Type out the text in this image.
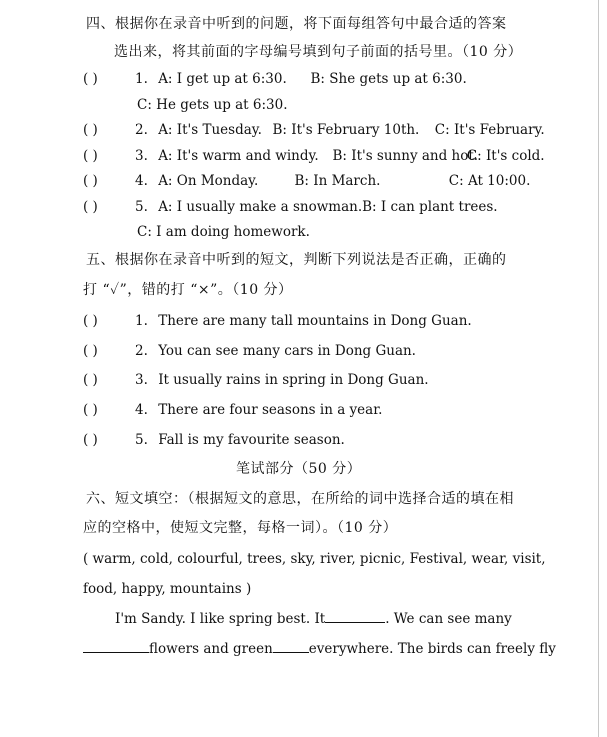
四、根据你在录音中听到的问题，将下面每组答句中最合适的答案
选出来，将其前面的字母编号填到句子前面的括号里。（10 分）
( )	1. A: I get up at 6:30. B: She gets up at 6:30.
C: He gets up at 6:30.
( )	2. A: It's Tuesday. B: It's February 10th. C: It's February.
( )	3. A: It's warm and windy. B: It's sunny and hot. C: It's cold.
( )	4. A: On Monday.	B: In March.	C: At 10:00.
( )	5. A: I usually make a snowman.B: I can plant trees.
C: I am doing homework.
五、根据你在录音中听到的短文，判断下列说法是否正确，正确的
打 “✓”，错的打 “×”。（10 分）
( )	1. There are many tall mountains in Dong Guan.
( )	2. You can see many cars in Dong Guan.
( )	3. It usually rains in spring in Dong Guan.
( )	4. There are four seasons in a year.
( )	5. Fall is my favourite season.
笔试部分（50 分）
六、短文填空：（根据短文的意思，在所给的词中选择合适的填在相
应的空格中，使短文完整，每格一词）。（10 分）
( warm, cold, colourful, trees, sky, river, picnic, Festival, wear, visit,
food, happy, mountains )
I'm Sandy. I like spring best. It	. We can see many
flowers and green	everywhere. The birds can freely fly
